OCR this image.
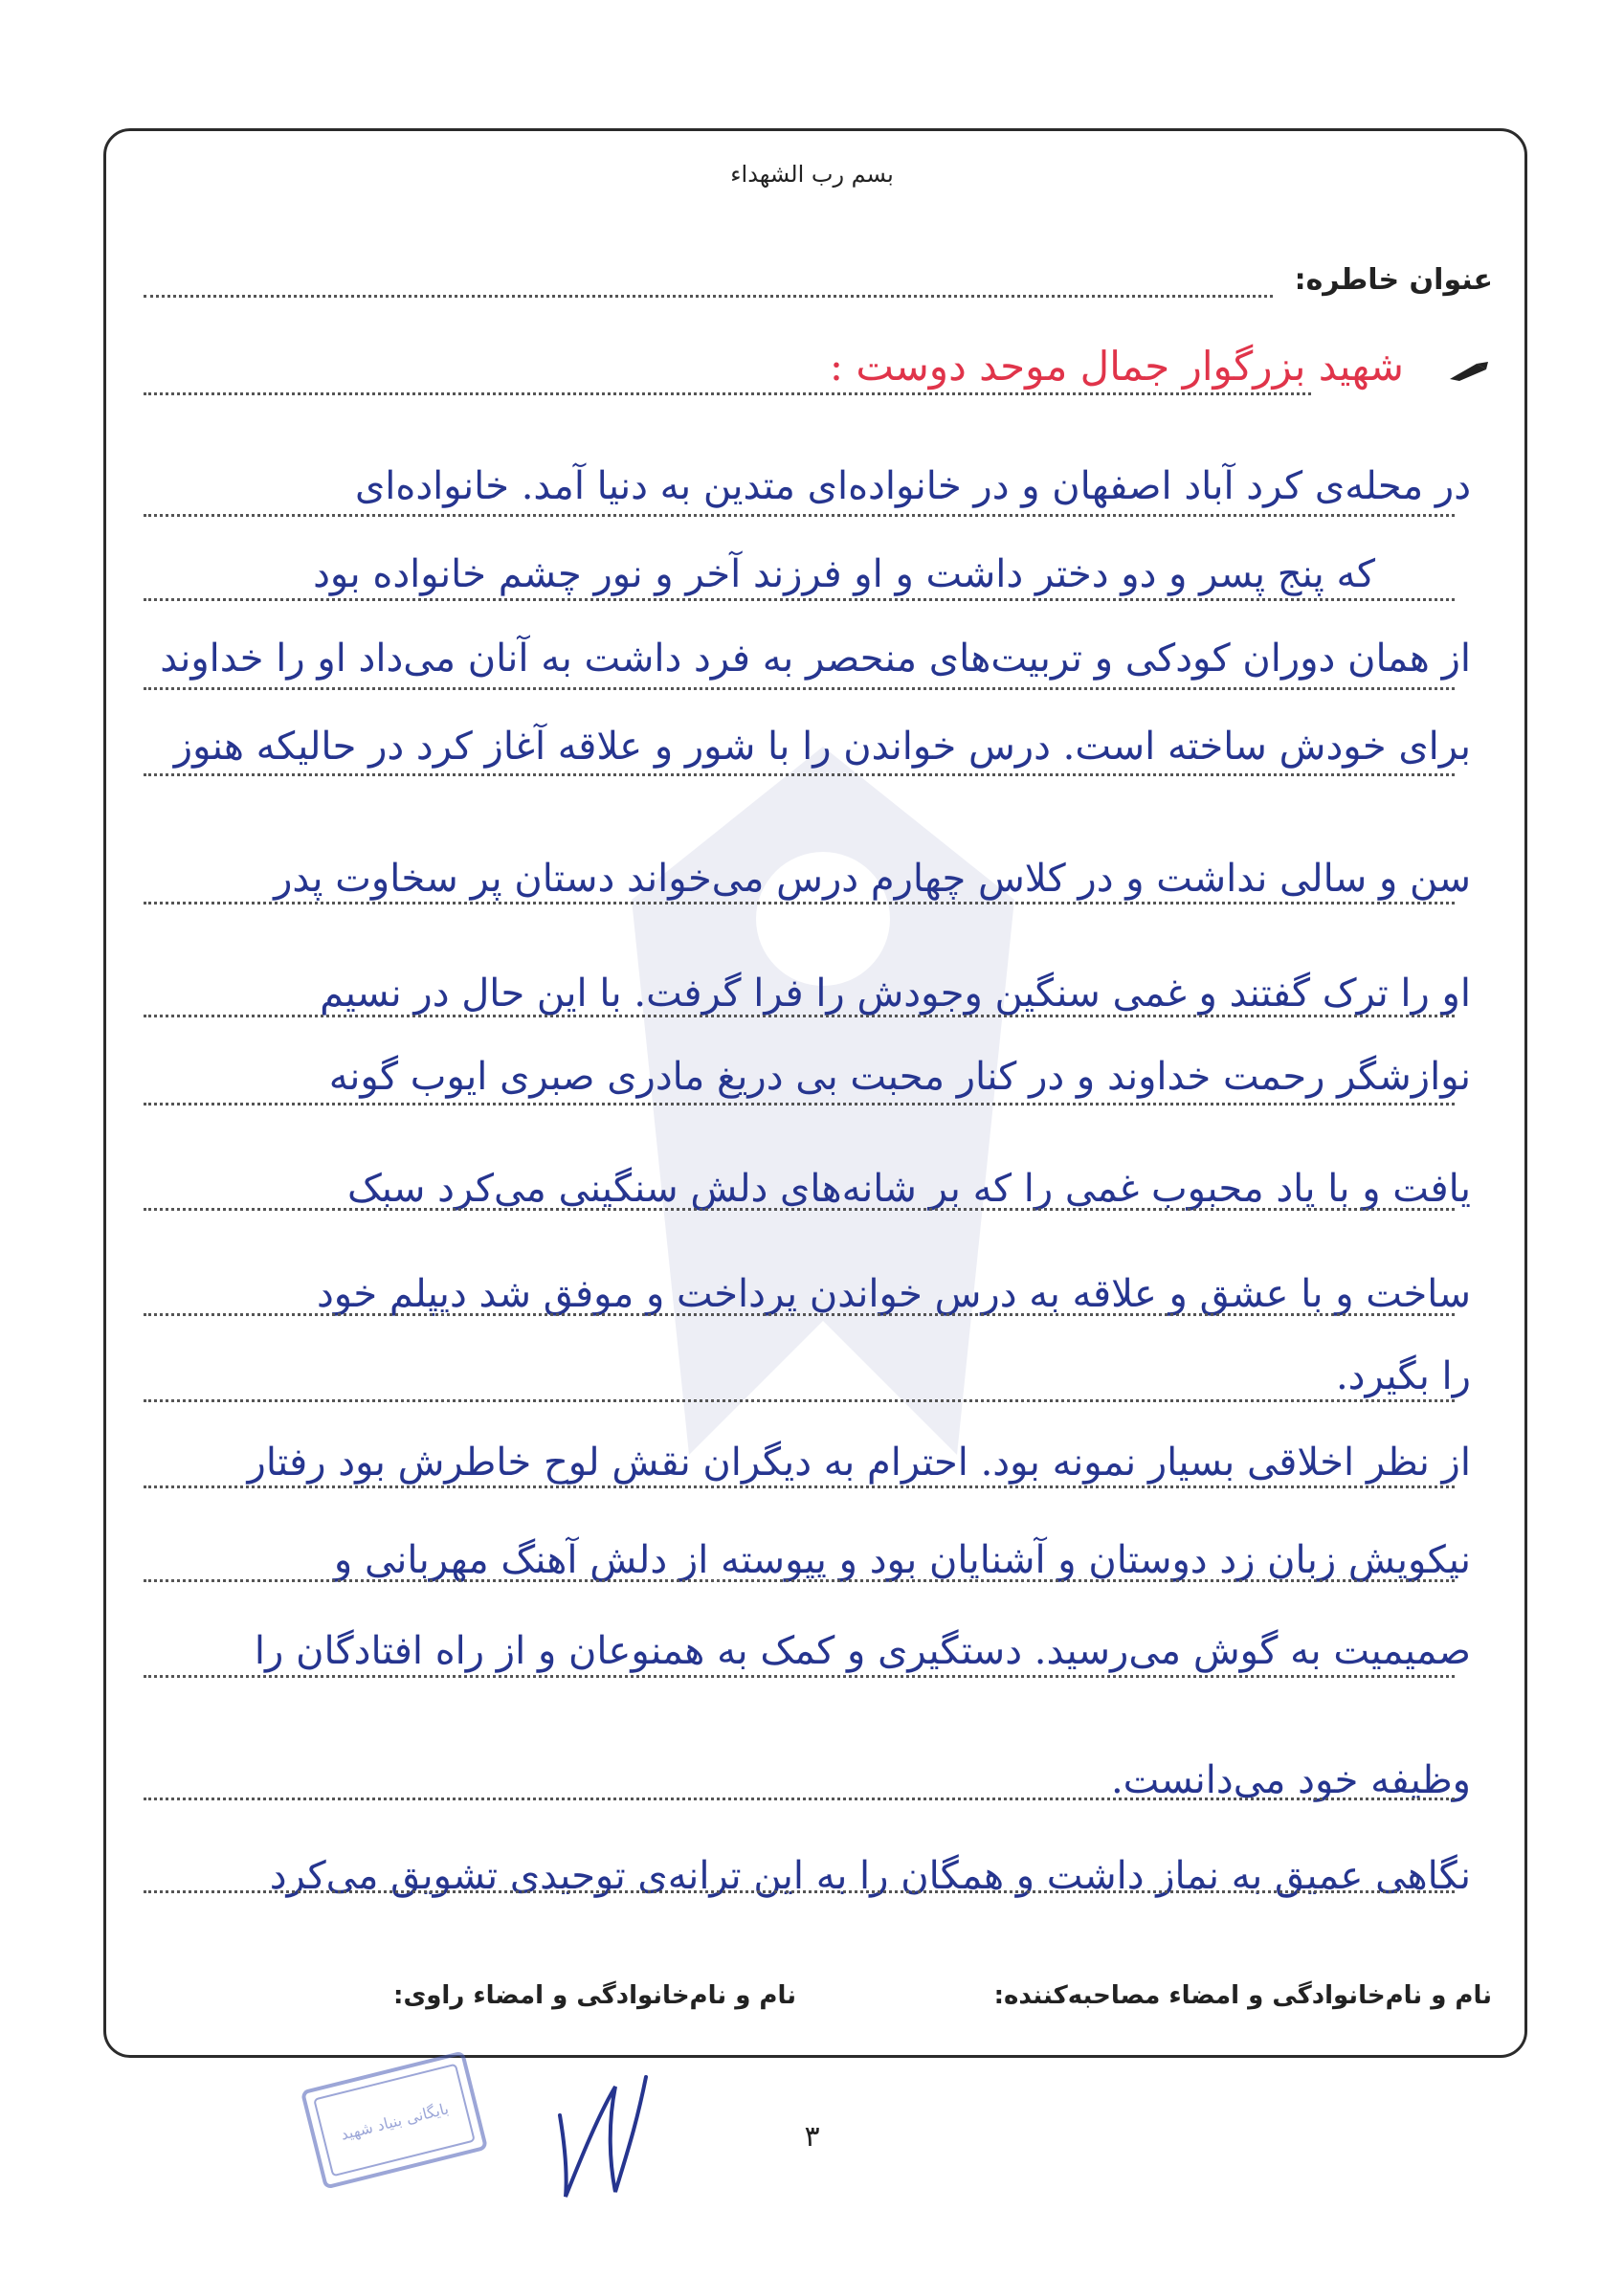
بسم رب الشهداء
عنوان خاطره:
شهید بزرگوار جمال موحد دوست :
در محله‌ی کرد آباد اصفهان و در خانواده‌ای متدین به دنیا آمد. خانواده‌ای
که پنج پسر و دو دختر داشت و او فرزند آخر و نور چشم خانواده بود
از همان دوران کودکی و تربیت‌های منحصر به فرد داشت به آنان می‌داد او را خداوند
برای خودش ساخته است. درس خواندن را با شور و علاقه آغاز کرد در حالیکه هنوز
سن و سالی نداشت و در کلاس چهارم درس می‌خواند دستان پر سخاوت پدر
او را ترک گفتند و غمی سنگین وجودش را فرا گرفت. با این حال در نسیم
نوازشگر رحمت خداوند و در کنار محبت بی دریغ مادری صبری ایوب گونه
یافت و با یاد محبوب غمی را که بر شانه‌های دلش سنگینی می‌کرد سبک
ساخت و با عشق و علاقه به درس خواندن پرداخت و موفق شد دیپلم خود
را بگیرد.
از نظر اخلاقی بسیار نمونه بود. احترام به دیگران نقش لوح خاطرش بود رفتار
نیکویش زبان زد دوستان و آشنایان بود و پیوسته از دلش آهنگ مهربانی و
صمیمیت به گوش می‌رسید. دستگیری و کمک به همنوعان و از راه افتادگان را
وظیفه خود می‌دانست.
نگاهی عمیق به نماز داشت و همگان را به این ترانه‌ی توحیدی تشویق می‌کرد
نام و نام‌خانوادگی و امضاء مصاحبه‌کننده:
نام و نام‌خانوادگی و امضاء راوی:
بایگانی بنیاد شهید	۳
